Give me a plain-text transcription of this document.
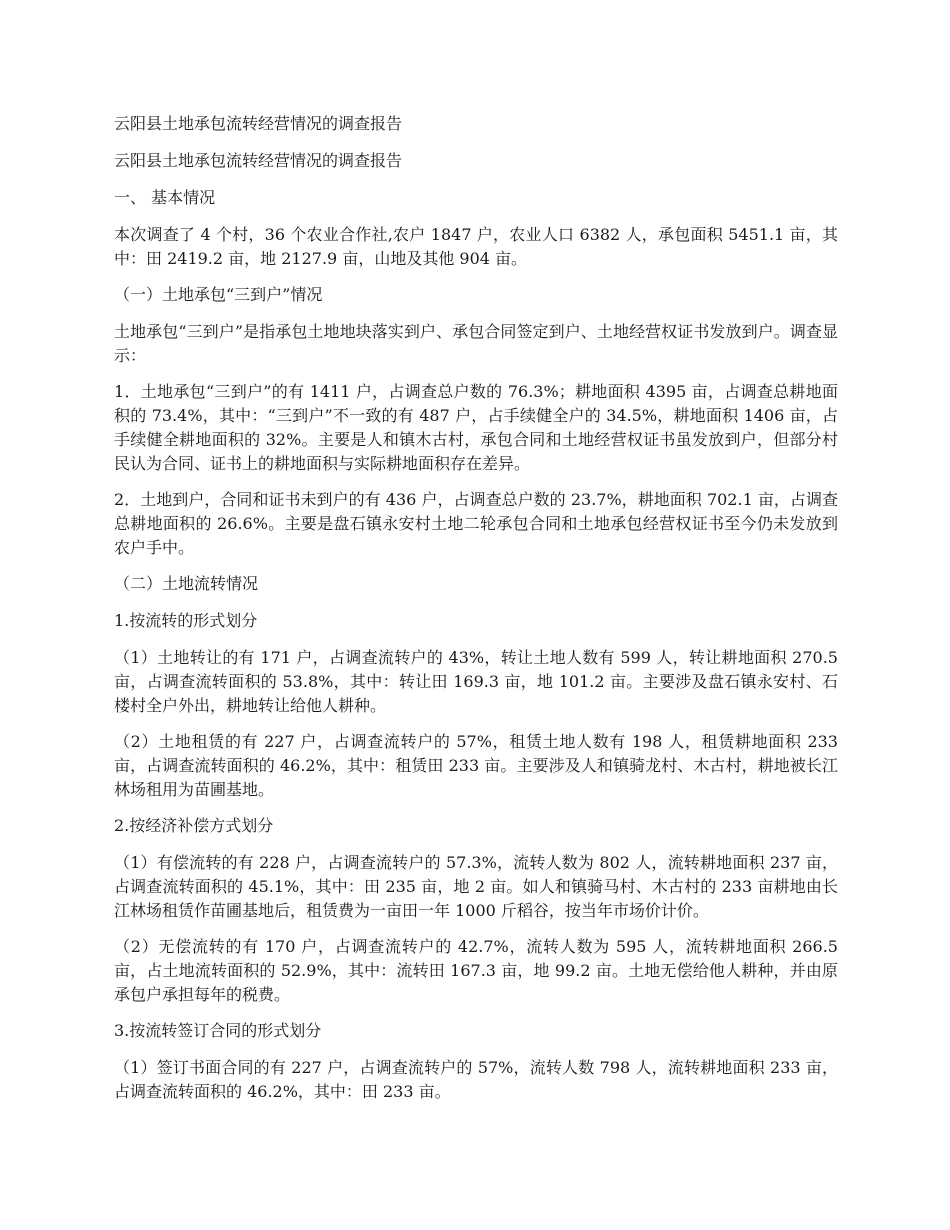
云阳县土地承包流转经营情况的调查报告

云阳县土地承包流转经营情况的调查报告

一、 基本情况

本次调查了 4 个村，36 个农业合作社,农户 1847 户，农业人口 6382 人，承包面积 5451.1 亩，其中：田 2419.2 亩，地 2127.9 亩，山地及其他 904 亩。

（一）土地承包“三到户”情况

土地承包“三到户”是指承包土地地块落实到户、承包合同签定到户、土地经营权证书发放到户。调查显示：

1．土地承包“三到户”的有 1411 户，占调查总户数的 76.3%；耕地面积 4395 亩，占调查总耕地面积的 73.4%，其中：“三到户”不一致的有 487 户，占手续健全户的 34.5%，耕地面积 1406 亩，占手续健全耕地面积的 32%。主要是人和镇木古村，承包合同和土地经营权证书虽发放到户，但部分村民认为合同、证书上的耕地面积与实际耕地面积存在差异。

2．土地到户，合同和证书未到户的有 436 户，占调查总户数的 23.7%，耕地面积 702.1 亩，占调查总耕地面积的 26.6%。主要是盘石镇永安村土地二轮承包合同和土地承包经营权证书至今仍未发放到农户手中。

（二）土地流转情况

1.按流转的形式划分

（1）土地转让的有 171 户，占调查流转户的 43%，转让土地人数有 599 人，转让耕地面积 270.5 亩，占调查流转面积的 53.8%，其中：转让田 169.3 亩，地 101.2 亩。主要涉及盘石镇永安村、石楼村全户外出，耕地转让给他人耕种。

（2）土地租赁的有 227 户，占调查流转户的 57%，租赁土地人数有 198 人，租赁耕地面积 233 亩，占调查流转面积的 46.2%，其中：租赁田 233 亩。主要涉及人和镇骑龙村、木古村，耕地被长江林场租用为苗圃基地。

2.按经济补偿方式划分

（1）有偿流转的有 228 户，占调查流转户的 57.3%，流转人数为 802 人，流转耕地面积 237 亩，占调查流转面积的 45.1%，其中：田 235 亩，地 2 亩。如人和镇骑马村、木古村的 233 亩耕地由长江林场租赁作苗圃基地后，租赁费为一亩田一年 1000 斤稻谷，按当年市场价计价。

（2）无偿流转的有 170 户，占调查流转户的 42.7%，流转人数为 595 人，流转耕地面积 266.5 亩，占土地流转面积的 52.9%，其中：流转田 167.3 亩，地 99.2 亩。土地无偿给他人耕种，并由原承包户承担每年的税费。

3.按流转签订合同的形式划分

（1）签订书面合同的有 227 户，占调查流转户的 57%，流转人数 798 人，流转耕地面积 233 亩，占调查流转面积的 46.2%，其中：田 233 亩。
